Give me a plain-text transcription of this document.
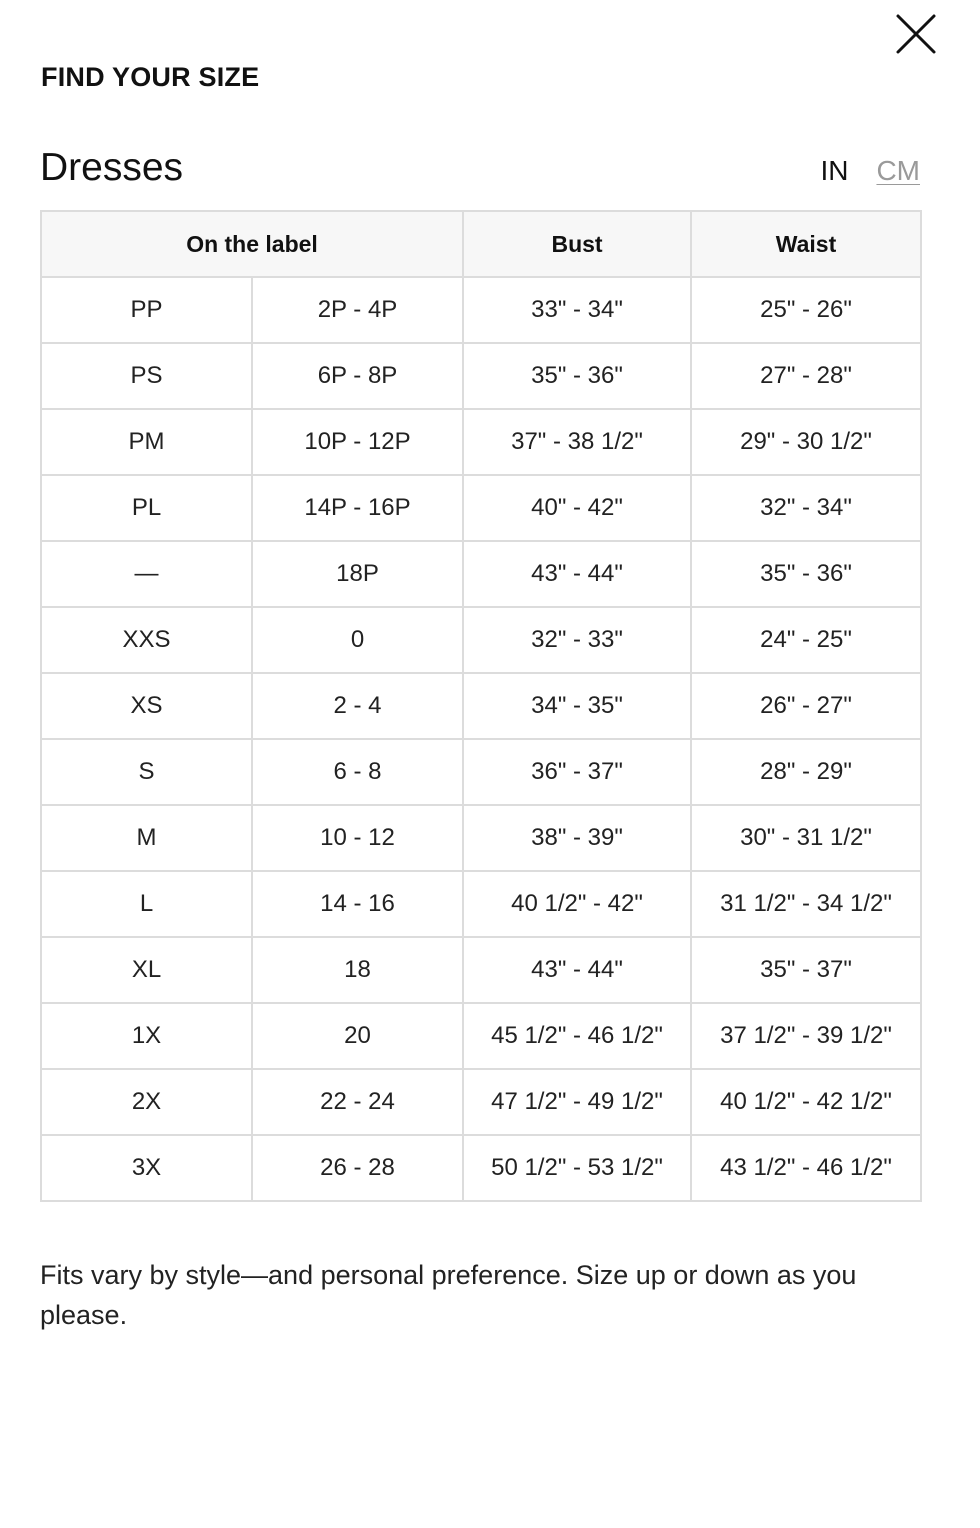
FIND YOUR SIZE
Dresses	IN CM
On the label		Bust	Waist
PP	2P - 4P	33" - 34"	25" - 26"
PS	6P - 8P	35" - 36"	27" - 28"
PM	10P - 12P	37" - 38 1/2"	29" - 30 1/2"
PL	14P - 16P	40" - 42"	32" - 34"
—	18P	43" - 44"	35" - 36"
XXS	0	32" - 33"	24" - 25"
XS	2 - 4	34" - 35"	26" - 27"
S	6 - 8	36" - 37"	28" - 29"
M	10 - 12	38" - 39"	30" - 31 1/2"
L	14 - 16	40 1/2" - 42"	31 1/2" - 34 1/2"
XL	18	43" - 44"	35" - 37"
1X	20	45 1/2" - 46 1/2"	37 1/2" - 39 1/2"
2X	22 - 24	47 1/2" - 49 1/2"	40 1/2" - 42 1/2"
3X	26 - 28	50 1/2" - 53 1/2"	43 1/2" - 46 1/2"
Fits vary by style—and personal preference. Size up or down as you please.
